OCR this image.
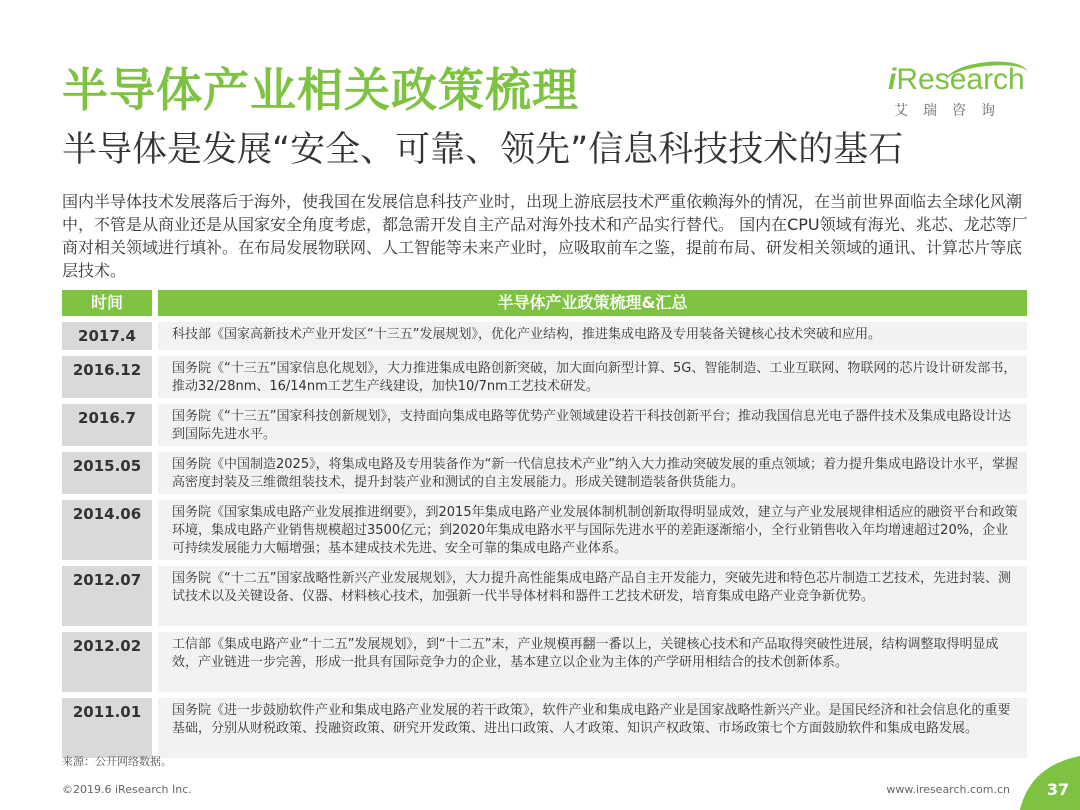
半导体产业相关政策梳理	iResearch
艾瑞咨询
半导体是发展“安全、可靠、领先”信息科技技术的基石
国内半导体技术发展落后于海外，使我国在发展信息科技产业时，出现上游底层技术严重依赖海外的情况，在当前世界面临去全球化风潮中，不管是从商业还是从国家安全角度考虑，都急需开发自主产品对海外技术和产品实行替代。 国内在CPU领域有海光、兆芯、龙芯等厂商对相关领域进行填补。在布局发展物联网、人工智能等未来产业时，应吸取前车之鉴，提前布局、研发相关领域的通讯、计算芯片等底层技术。
时间	半导体产业政策梳理&汇总
2017.4	科技部《国家高新技术产业开发区“十三五”发展规划》，优化产业结构，推进集成电路及专用装备关键核心技术突破和应用。
2016.12	国务院《“十三五”国家信息化规划》，大力推进集成电路创新突破，加大面向新型计算、5G、智能制造、工业互联网、物联网的芯片设计研发部书，推动32/28nm、16/14nm工艺生产线建设，加快10/7nm工艺技术研发。
2016.7	国务院《“十三五”国家科技创新规划》，支持面向集成电路等优势产业领域建设若干科技创新平台；推动我国信息光电子器件技术及集成电路设计达到国际先进水平。
2015.05	国务院《中国制造2025》，将集成电路及专用装备作为“新一代信息技术产业”纳入大力推动突破发展的重点领域；着力提升集成电路设计水平，掌握高密度封装及三维微组装技术，提升封装产业和测试的自主发展能力。形成关键制造装备供货能力。
2014.06	国务院《国家集成电路产业发展推进纲要》，到2015年集成电路产业发展体制机制创新取得明显成效，建立与产业发展规律相适应的融资平台和政策环境，集成电路产业销售规模超过3500亿元；到2020年集成电路水平与国际先进水平的差距逐渐缩小，全行业销售收入年均增速超过20%，企业可持续发展能力大幅增强；基本建成技术先进、安全可靠的集成电路产业体系。
2012.07	国务院《“十二五”国家战略性新兴产业发展规划》，大力提升高性能集成电路产品自主开发能力，突破先进和特色芯片制造工艺技术，先进封装、测试技术以及关键设备、仪器、材料核心技术，加强新一代半导体材料和器件工艺技术研发，培育集成电路产业竞争新优势。
2012.02	工信部《集成电路产业“十二五”发展规划》，到“十二五”末，产业规模再翻一番以上，关键核心技术和产品取得突破性进展，结构调整取得明显成效，产业链进一步完善，形成一批具有国际竞争力的企业，基本建立以企业为主体的产学研用相结合的技术创新体系。
2011.01	国务院《进一步鼓励软件产业和集成电路产业发展的若干政策》，软件产业和集成电路产业是国家战略性新兴产业。是国民经济和社会信息化的重要基础，分别从财税政策、投融资政策、研究开发政策、进出口政策、人才政策、知识产权政策、市场政策七个方面鼓励软件和集成电路发展。
来源：公开网络数据。
©2019.6 iResearch Inc.	www.iresearch.com.cn	37
